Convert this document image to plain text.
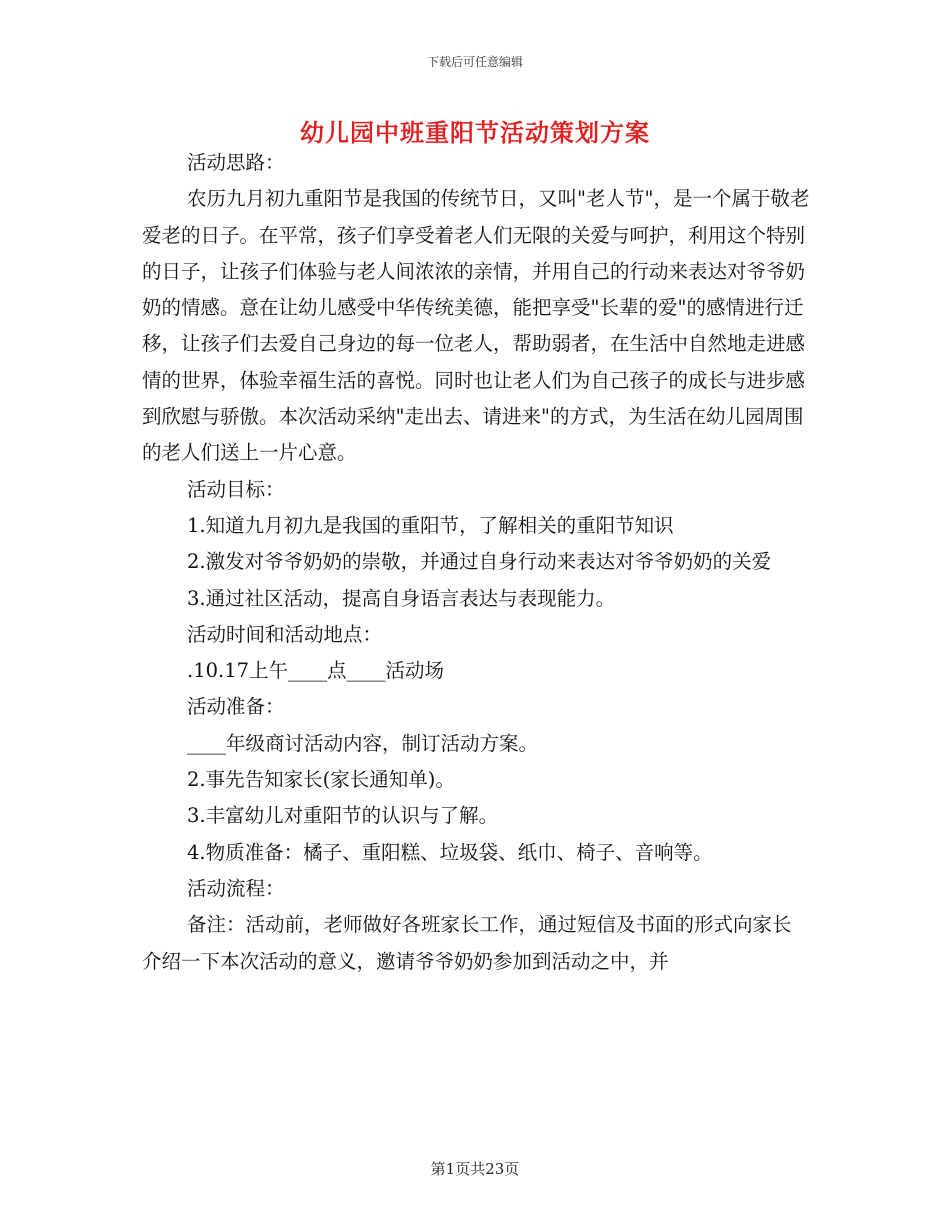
下载后可任意编辑
幼儿园中班重阳节活动策划方案

活动思路：

农历九月初九重阳节是我国的传统节日，又叫"老人节"，是一个属于敬老爱老的日子。在平常，孩子们享受着老人们无限的关爱与呵护，利用这个特别的日子，让孩子们体验与老人间浓浓的亲情，并用自己的行动来表达对爷爷奶奶的情感。意在让幼儿感受中华传统美德，能把享受"长辈的爱"的感情进行迁移，让孩子们去爱自己身边的每一位老人，帮助弱者，在生活中自然地走进感情的世界，体验幸福生活的喜悦。同时也让老人们为自己孩子的成长与进步感到欣慰与骄傲。本次活动采纳"走出去、请进来"的方式，为生活在幼儿园周围的老人们送上一片心意。

活动目标：

1.知道九月初九是我国的重阳节，了解相关的重阳节知识

2.激发对爷爷奶奶的崇敬，并通过自身行动来表达对爷爷奶奶的关爱

3.通过社区活动，提高自身语言表达与表现能力。

活动时间和活动地点：

.10.17上午____点____活动场

活动准备：

____年级商讨活动内容，制订活动方案。

2.事先告知家长(家长通知单)。

3.丰富幼儿对重阳节的认识与了解。

4.物质准备：橘子、重阳糕、垃圾袋、纸巾、椅子、音响等。

活动流程：

备注：活动前，老师做好各班家长工作，通过短信及书面的形式向家长介绍一下本次活动的意义，邀请爷爷奶奶参加到活动之中，并

第1页共23页
